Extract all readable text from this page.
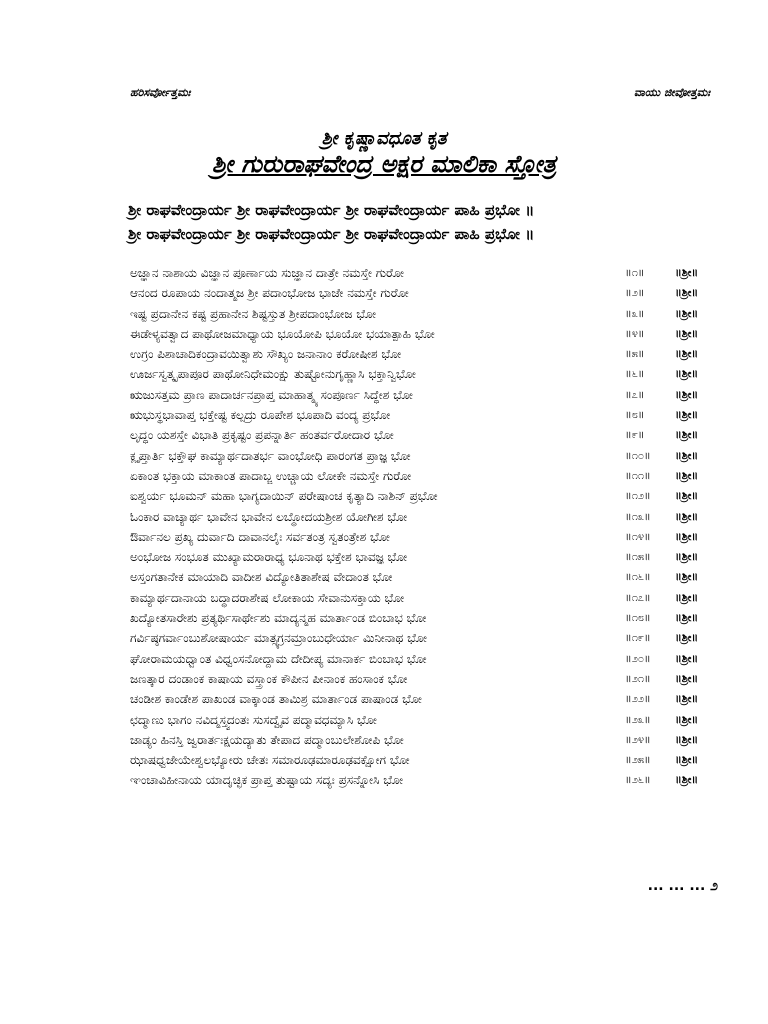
ಹರಿಸರ್ವೋತ್ತಮಃ	ವಾಯು ಜೀವೋತ್ತಮಃ
ಶ್ರೀ ಕೃಷ್ಣಾವಧೂತ ಕೃತ
ಶ್ರೀ ಗುರುರಾಘವೇಂದ್ರ ಅಕ್ಷರ ಮಾಲಿಕಾ ಸ್ತೋತ್ರ
ಶ್ರೀ ರಾಘವೇಂದ್ರಾರ್ಯ ಶ್ರೀ ರಾಘವೇಂದ್ರಾರ್ಯ ಶ್ರೀ ರಾಘವೇಂದ್ರಾರ್ಯ ಪಾಹಿ ಪ್ರಭೋ ॥
ಶ್ರೀ ರಾಘವೇಂದ್ರಾರ್ಯ ಶ್ರೀ ರಾಘವೇಂದ್ರಾರ್ಯ ಶ್ರೀ ರಾಘವೇಂದ್ರಾರ್ಯ ಪಾಹಿ ಪ್ರಭೋ ॥
ಅಜ್ಞಾನ ನಾಶಾಯ ವಿಜ್ಞಾನ ಪೂರ್ಣಾಯ ಸುಜ್ಞಾನ ದಾತ್ರೇ ನಮಸ್ತೇ ಗುರೋ	॥೧॥	॥ಶ್ರೀ॥
ಆನಂದ ರೂಪಾಯ ನಂದಾತ್ಮಜ ಶ್ರೀ ಪದಾಂಭೋಜ ಭಾಜೇ ನಮಸ್ತೇ ಗುರೋ	॥೨॥	॥ಶ್ರೀ॥
ಇಷ್ಟ ಪ್ರದಾನೇನ ಕಷ್ಟ ಪ್ರಹಾನೇನ ಶಿಷ್ಟಸ್ತುತ ಶ್ರೀಪದಾಂಭೋಜ ಭೋ	॥೩॥	॥ಶ್ರೀ॥
ಈಡೇಳ್ಯವತ್ವಾದ ಪಾಥೋಜಮಾಧ್ಯಾಯ ಭೂಯೋಪಿ ಭೂಯೋ ಭಯಾತ್ಪಾಹಿ ಭೋ	॥೪॥	॥ಶ್ರೀ॥
ಉಗ್ರಂ ಪಿಶಾಚಾದಿಕಂದ್ರಾವಯಿತ್ವಾಶು ಸೌಖ್ಯಂ ಜನಾನಾಂ ಕರೋಷೀಶ ಭೋ	॥೫॥	॥ಶ್ರೀ॥
ಊರ್ಜಸ್ವತ್ಕೃಪಾಪೂರ ಪಾಥೋನಿಧೇಮಂಕ್ಷು ತುಷ್ಟೋನುಗೃಹ್ಣಾಸಿ ಭಕ್ತಾನ್ವಿಭೋ	॥೬॥	॥ಶ್ರೀ॥
ಋಜುಸತ್ತಮ ಪ್ರಾಣ ಪಾದಾರ್ಚನಪ್ರಾಪ್ತ ಮಾಹಾತ್ಮ್ಯ ಸಂಪೂರ್ಣ ಸಿದ್ಧೇಶ ಭೋ	॥೭॥	॥ಶ್ರೀ॥
ಋಭುಸ್ಥಭಾವಾಪ್ತ ಭಕ್ತೇಷ್ಟ ಕಲ್ಪದ್ರು ರೂಪೇಶ ಭೂಪಾದಿ ವಂದ್ಯ ಪ್ರಭೋ	॥೮॥	॥ಶ್ರೀ॥
ಲೃದ್ಧಂ ಯಶಸ್ತೇ ವಿಭಾತಿ ಪ್ರಕೃಷ್ಟಂ ಪ್ರಪನ್ನಾರ್ತಿ ಹಂತರ್ವರೋದಾರ ಭೋ	॥೯॥	॥ಶ್ರೀ॥
ಕ್ಲೃಪ್ತಾರ್ತಿ ಭಕ್ತೌಘ ಕಾಮ್ಯಾರ್ಥದಾತರ್ಭ ವಾಂಭೋಧಿ ಪಾರಂಗತ ಪ್ರಾಜ್ಞ ಭೋ	॥೧೦॥ ॥ಶ್ರೀ॥
ಏಕಾಂತ ಭಕ್ತಾಯ ಮಾಕಾಂತ ಪಾದಾಬ್ಜ ಉಚ್ಚಾಯ ಲೋಕೇ ನಮಸ್ತೇ ಗುರೋ	॥೧೧॥ ॥ಶ್ರೀ॥
ಐಶ್ವರ್ಯ ಭೂಮನ್ ಮಹಾ ಭಾಗ್ಯದಾಯಿನ್ ಪರೇಷಾಂಚ ಕೃತ್ಯಾದಿ ನಾಶಿನ್ ಪ್ರಭೋ	॥೧೨॥ ॥ಶ್ರೀ॥
ಓಂಕಾರ ವಾಚ್ಯಾರ್ಥ ಭಾವೇನ ಭಾವೇನ ಲಬ್ಧೋದಯಶ್ರೀಶ ಯೋಗೀಶ ಭೋ	॥೧೩॥ ॥ಶ್ರೀ॥
ಔರ್ವಾನಲ ಪ್ರಖ್ಯ ದುರ್ವಾದಿ ದಾವಾನಲೈಃ ಸರ್ವತಂತ್ರ ಸ್ವತಂತ್ರೇಶ ಭೋ	॥೧೪॥ ॥ಶ್ರೀ॥
ಅಂಭೋಜ ಸಂಭೂತ ಮುಖ್ಯಾಮರಾರಾಧ್ಯ ಭೂನಾಥ ಭಕ್ತೇಶ ಭಾವಜ್ಞ ಭೋ	॥೧೫॥ ॥ಶ್ರೀ॥
ಅಸ್ತಂಗತಾನೇಕ ಮಾಯಾದಿ ವಾದೀಶ ವಿದ್ಯೋತಿತಾಶೇಷ ವೇದಾಂತ ಭೋ	॥೧೬॥ ॥ಶ್ರೀ॥
ಕಾಮ್ಯಾರ್ಥದಾನಾಯ ಬದ್ಧಾದರಾಶೇಷ ಲೋಕಾಯ ಸೇವಾನುಸಕ್ತಾಯ ಭೋ	॥೧೭॥ ॥ಶ್ರೀ॥
ಖದ್ಯೋತಸಾರೇಶು ಪ್ರತ್ಯರ್ಥಿಸಾರ್ಥೇಶು ಮಾದ್ಯನ್ಮಹ ಮಾರ್ತಾಂಡ ಬಿಂಬಾಭ ಭೋ	॥೧೮॥ ॥ಶ್ರೀ॥
ಗರ್ವಿಷ್ಠಗರ್ವಾಂಬುಶೋಷಾರ್ಯ ಮಾತ್ಸ್ಯಗ್ರನಮ್ರಾಂಬುಧೇರ್ಯಾ ಮಿನೀನಾಥ ಭೋ	॥೧೯॥ ॥ಶ್ರೀ॥
ಘೋರಾಮಯಧ್ವಾಂತ ವಿಧ್ವಂಸನೋದ್ದಾಮ ದೇದೀಪ್ಯ ಮಾನಾರ್ಕ ಬಿಂಬಾಭ ಭೋ	॥೨೦॥ ॥ಶ್ರೀ॥
ಜಣತ್ಕಾರ ದಂಡಾಂಕ ಕಾಷಾಯ ವಸ್ತ್ರಾಂಕ ಕೌಪೀನ ಪೀನಾಂಕ ಹಂಸಾಂಕ ಭೋ	॥೨೧॥ ॥ಶ್ರೀ॥
ಚಂಡೀಶ ಕಾಂಡೇಶ ಪಾಖಂಡ ವಾಕ್ಕಾಂಡ ತಾಮಿಶ್ರ ಮಾರ್ತಾಂಡ ಪಾಷಾಂಡ ಭೋ	॥೨೨॥ ॥ಶ್ರೀ॥
ಛದ್ಮಾಣು ಭಾಗಂ ನವಿದ್ಮಸ್ತ್ವದಂತಃ ಸುಸದ್ವೈವ ಪದ್ಮಾವಧಮ್ಯಾಸಿ ಭೋ	॥೨೩॥ ॥ಶ್ರೀ॥
ಜಾಡ್ಯಂ ಹಿನಸ್ತಿ ಜ್ವರಾರ್ತಃಕ್ಷಯದ್ಯಾತು ತೇಪಾದ ಪದ್ಮಾಂಬುಲೇಶೋಪಿ ಭೋ	॥೨೪॥ ॥ಶ್ರೀ॥
ಝಾಷಧ್ವಜೇಯೇಶ್ವಲಭ್ಯೋರು ಚೇತಃ ಸಮಾರೂಢಮಾರೂಢವಕ್ಷೋಗ ಭೋ	॥೨೫॥ ॥ಶ್ರೀ॥
ಞಂಚಾವಿಹೀನಾಯ ಯಾದೃಚ್ಛಿಕ ಪ್ರಾಪ್ತ ತುಷ್ಟಾಯ ಸದ್ಯಃ ಪ್ರಸನ್ನೋಸಿ ಭೋ	॥೨೬॥ ॥ಶ್ರೀ॥
... ... ... ೨
